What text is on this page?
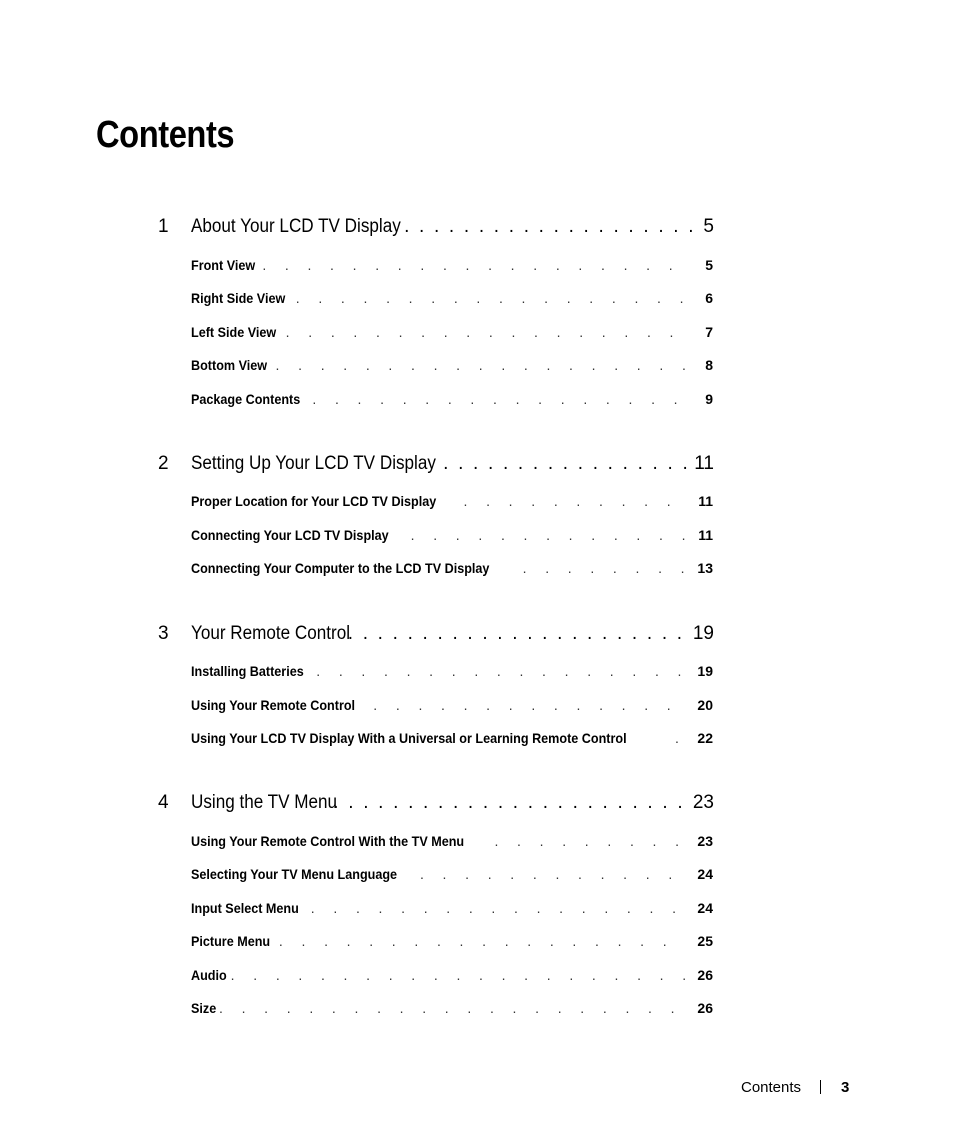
Contents
1	About Your LCD TV Display . . .	5
Front View . . .	5
Right Side View . . .	6
Left Side View . . .	7
Bottom View . . .	8
Package Contents . . .	9
2	Setting Up Your LCD TV Display . . .	11
Proper Location for Your LCD TV Display . . .	11
Connecting Your LCD TV Display . . .	11
Connecting Your Computer to the LCD TV Display . . .	13
3	Your Remote Control . . .	19
Installing Batteries . . .	19
Using Your Remote Control . . .	20
Using Your LCD TV Display With a Universal or Learning Remote Control . . .	22
4	Using the TV Menu . . .	23
Using Your Remote Control With the TV Menu . . .	23
Selecting Your TV Menu Language . . .	24
Input Select Menu . . .	24
Picture Menu . . .	25
Audio . . .	26
Size . . .	26
Contents	3
